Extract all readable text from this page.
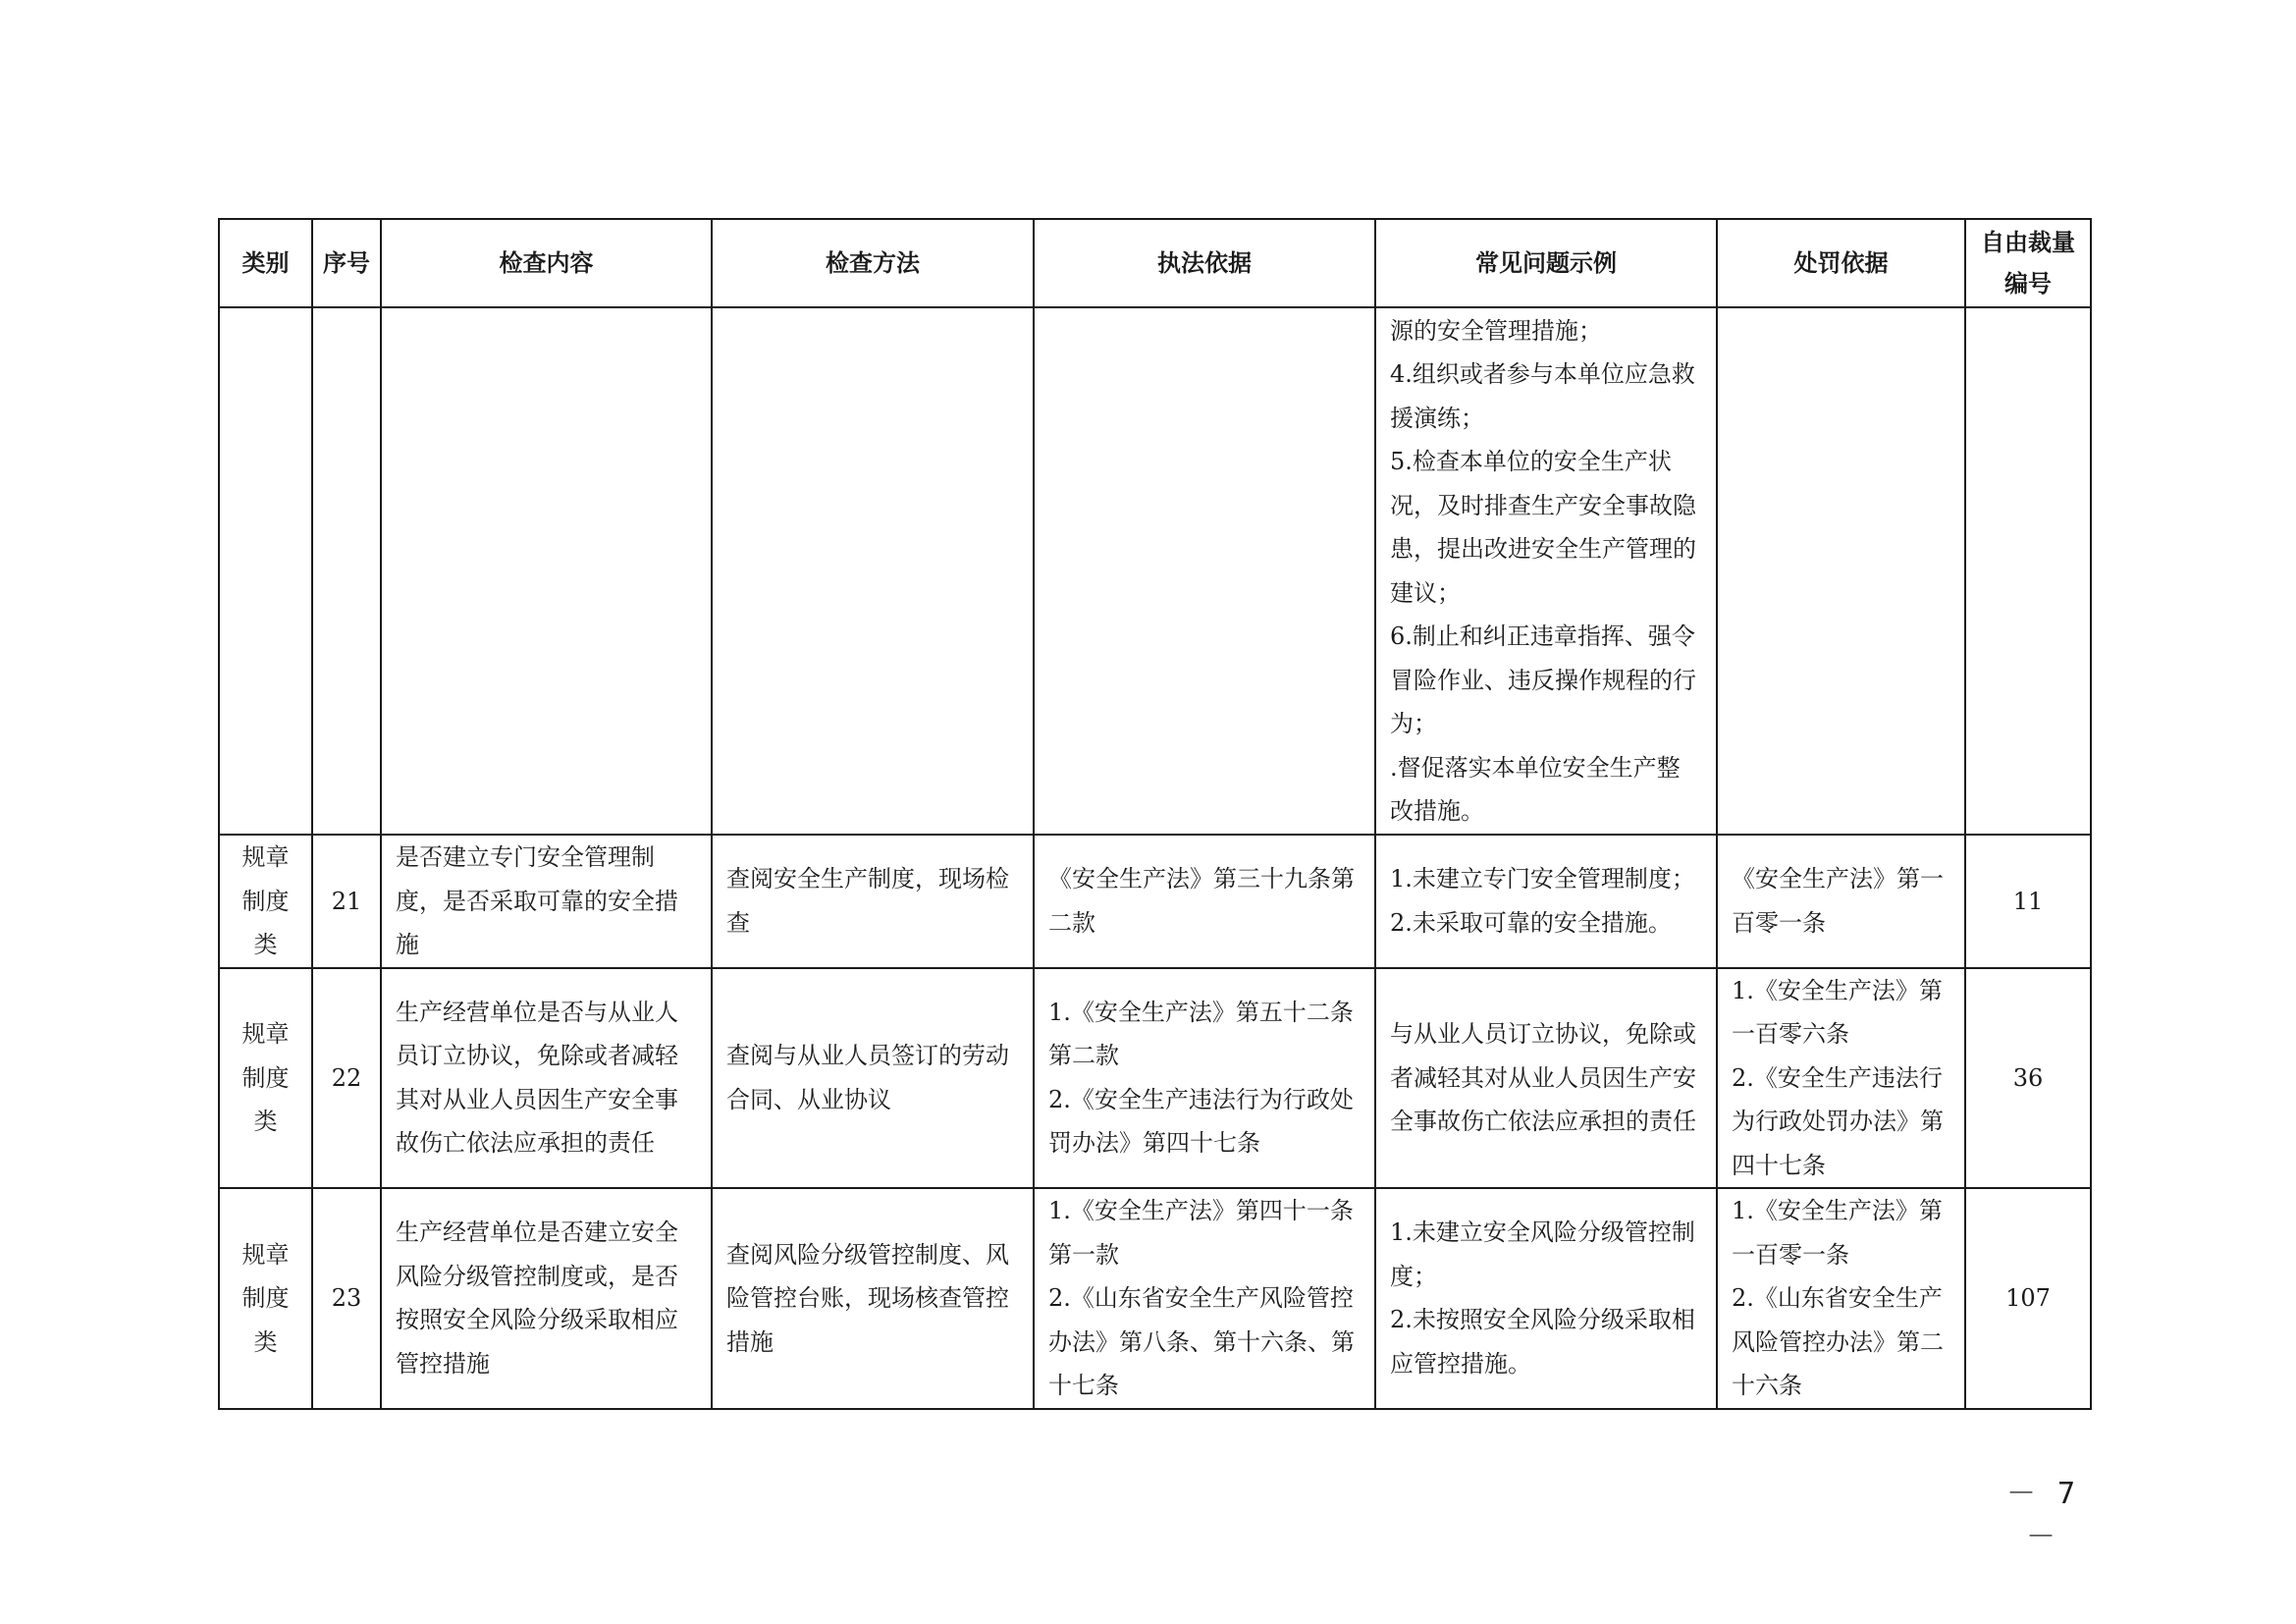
类别	序号	检查内容	检查方法	执法依据	常见问题示例	处罚依据	自由裁量编号

					源的安全管理措施；
4.组织或者参与本单位应急救援演练；
5.检查本单位的安全生产状况，及时排查生产安全事故隐患，提出改进安全生产管理的建议；
6.制止和纠正违章指挥、强令冒险作业、违反操作规程的行为；
.督促落实本单位安全生产整改措施。		

规章制度类	21	是否建立专门安全管理制度，是否采取可靠的安全措施	查阅安全生产制度，现场检查	《安全生产法》第三十九条第二款	1.未建立专门安全管理制度；
2.未采取可靠的安全措施。	《安全生产法》第一百零一条	11
规章制度类	22	生产经营单位是否与从业人员订立协议，免除或者减轻其对从业人员因生产安全事故伤亡依法应承担的责任	查阅与从业人员签订的劳动合同、从业协议	1.《安全生产法》第五十二条第二款
2.《安全生产违法行为行政处罚办法》第四十七条	与从业人员订立协议，免除或者减轻其对从业人员因生产安全事故伤亡依法应承担的责任	1.《安全生产法》第一百零六条
2.《安全生产违法行为行政处罚办法》第四十七条	36
规章制度类	23	生产经营单位是否建立安全风险分级管控制度或，是否按照安全风险分级采取相应管控措施	查阅风险分级管控制度、风险管控台账，现场核查管控措施	1.《安全生产法》第四十一条第一款
2.《山东省安全生产风险管控办法》第八条、第十六条、第十七条	1.未建立安全风险分级管控制度；
2.未按照安全风险分级采取相应管控措施。	1.《安全生产法》第一百零一条
2.《山东省安全生产风险管控办法》第二十六条	107
－ 7 －
